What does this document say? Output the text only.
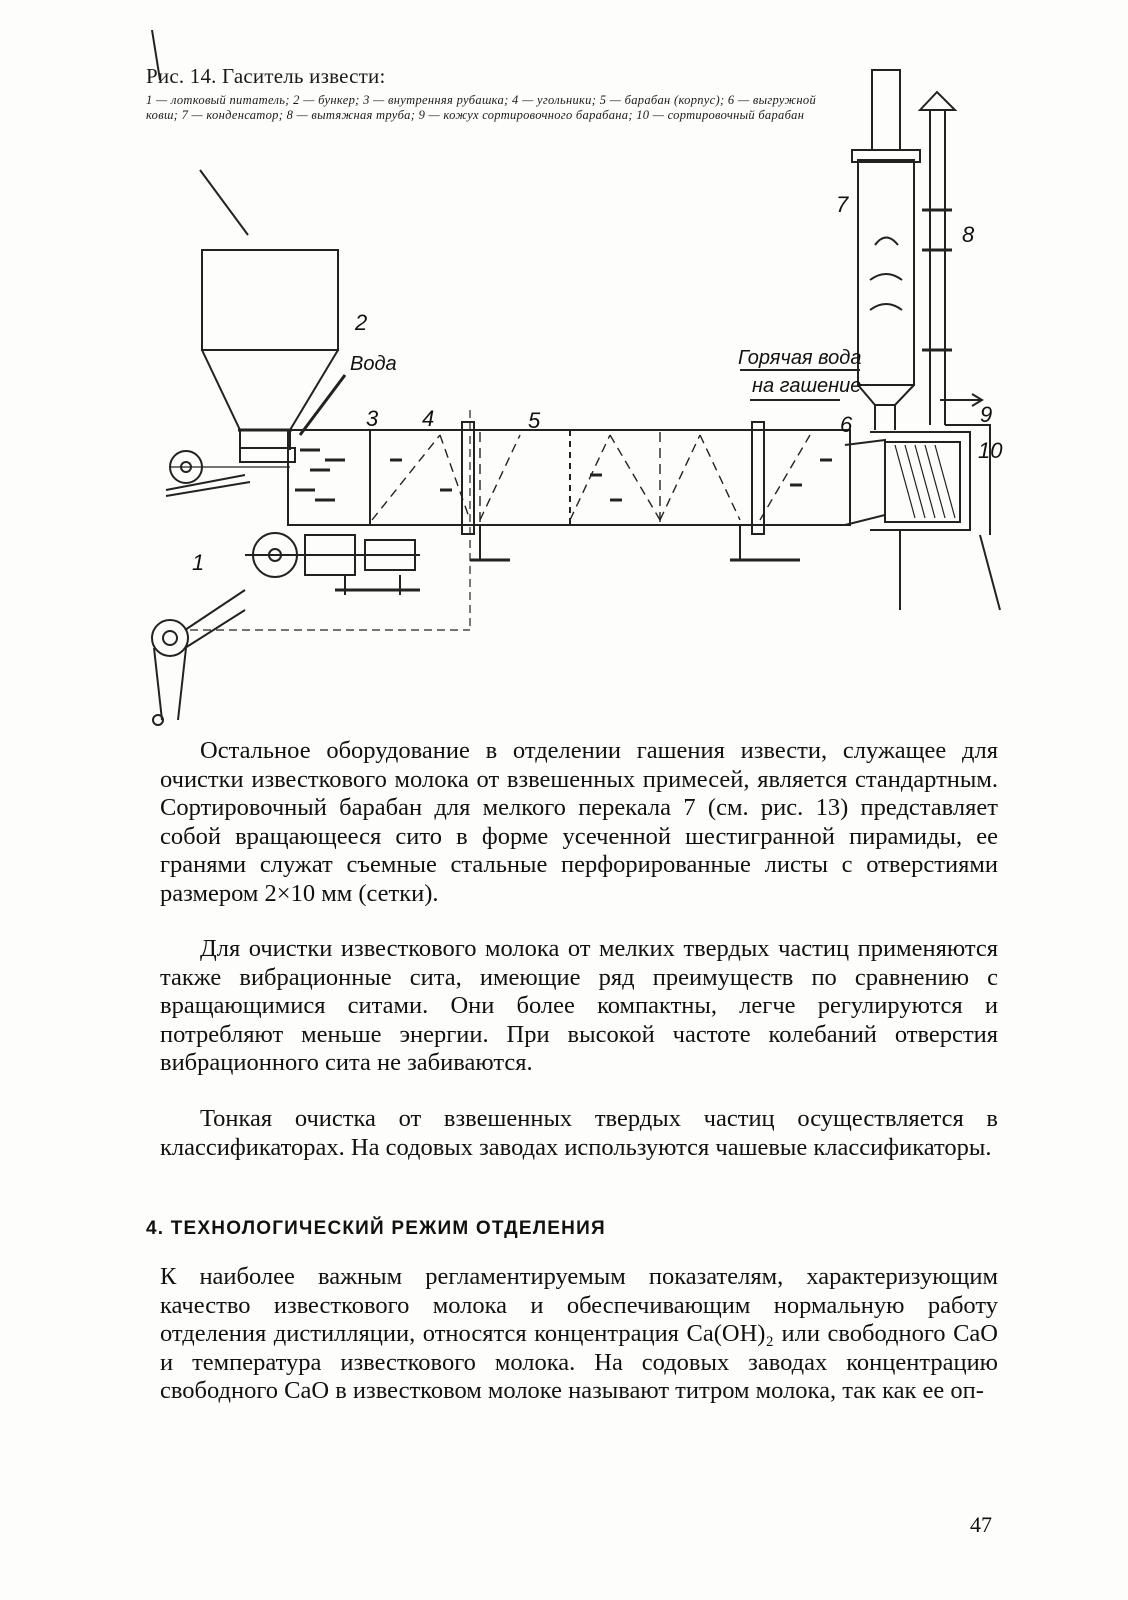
1
2
3 4	5	6
7
8
9
10
Вода	Горячая вода
на гашение
Рис. 14. Гаситель извести:

1 — лотковый питатель; 2 — бункер; 3 — внутренняя рубашка; 4 — угольники; 5 — барабан (корпус); 6 — выгружной ковш; 7 — конденсатор; 8 — вытяжная труба; 9 — кожух сортировочного барабана; 10 — сортировочный барабан

Остальное оборудование в отделении гашения извести, служащее для очистки известкового молока от взвешенных примесей, является стандартным. Сортировочный барабан для мелкого перекала 7 (см. рис. 13) представляет собой вращающееся сито в форме усеченной шестигранной пирамиды, ее гранями служат съемные стальные перфорированные листы с отверстиями размером 2×10 мм (сетки).

Для очистки известкового молока от мелких твердых частиц применяются также вибрационные сита, имеющие ряд преимуществ по сравнению с вращающимися ситами. Они более компактны, легче регулируются и потребляют меньше энергии. При высокой частоте колебаний отверстия вибрационного сита не забиваются.

Тонкая очистка от взвешенных твердых частиц осуществляется в классификаторах. На содовых заводах используются чашевые классификаторы.

4. ТЕХНОЛОГИЧЕСКИЙ РЕЖИМ ОТДЕЛЕНИЯ

К наиболее важным регламентируемым показателям, характеризующим качество известкового молока и обеспечивающим нормальную работу отделения дистилляции, относятся концентрация Ca(OH)₂ или свободного CaO и температура известкового молока. На содовых заводах концентрацию свободного CaO в известковом молоке называют титром молока, так как ее оп-

47
